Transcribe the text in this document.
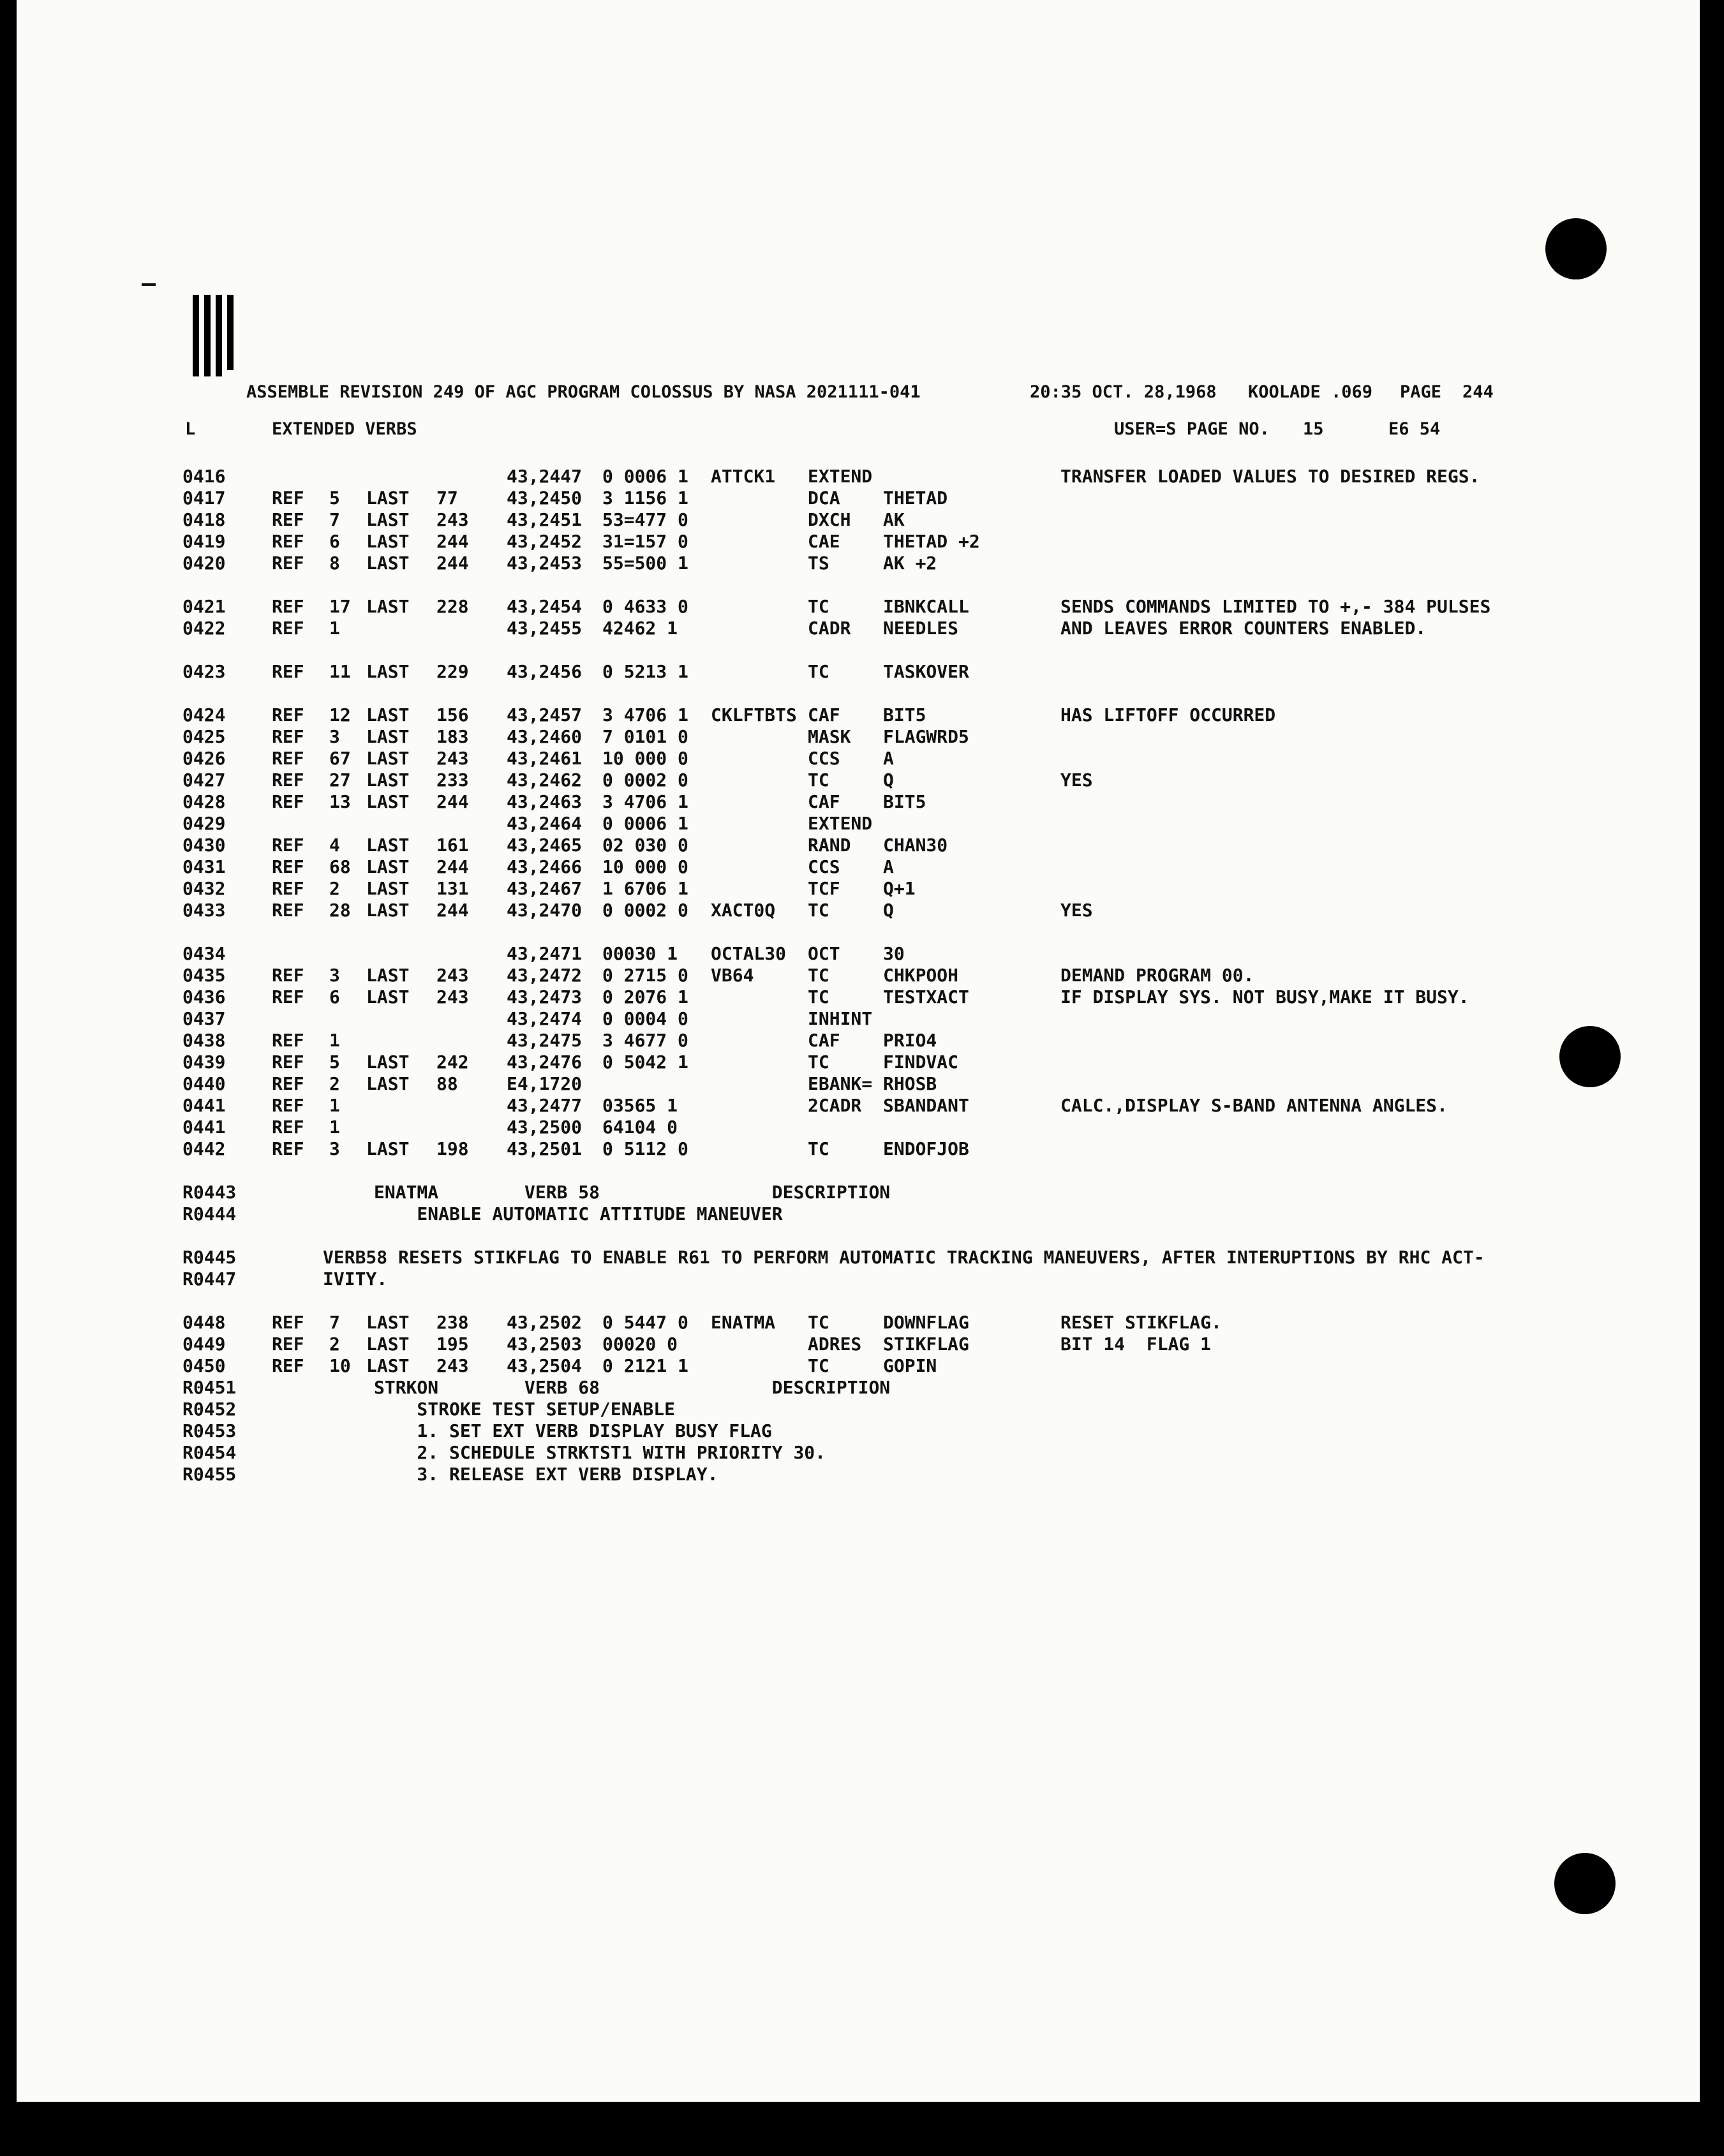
ASSEMBLE REVISION 249 OF AGC PROGRAM COLOSSUS BY NASA 2021111-041	20:35 OCT. 28,1968 KOOLADE .069 PAGE 244
L	EXTENDED VERBS	USER=S PAGE NO. 15	E6 54
0416	43,2447 0 0006 1 ATTCK1 EXTEND	TRANSFER LOADED VALUES TO DESIRED REGS.
0417	REF 5 LAST 77	43,2450 3 1156 1	DCA THETAD
0418	REF 7 LAST 243 43,2451 53=477 0	DXCH AK
0419	REF 6 LAST 244 43,2452 31=157 0	CAE THETAD +2
0420	REF 8 LAST 244 43,2453 55=500 1	TS	AK +2
0421	REF 17 LAST 228 43,2454 0 4633 0	TC	IBNKCALL	SENDS COMMANDS LIMITED TO +,- 384 PULSES
0422	REF 1	43,2455 42462 1	CADR NEEDLES	AND LEAVES ERROR COUNTERS ENABLED.
0423	REF 11 LAST 229 43,2456 0 5213 1	TC	TASKOVER
0424	REF 12 LAST 156 43,2457 3 4706 1 CKLFTBTS CAF BIT5	HAS LIFTOFF OCCURRED
0425	REF 3 LAST 183 43,2460 7 0101 0	MASK FLAGWRD5
0426	REF 67 LAST 243 43,2461 10 000 0	CCS A
0427	REF 27 LAST 233 43,2462 0 0002 0	TC	Q	YES
0428	REF 13 LAST 244 43,2463 3 4706 1	CAF BIT5
0429	43,2464 0 0006 1	EXTEND
0430	REF 4 LAST 161 43,2465 02 030 0	RAND CHAN30
0431	REF 68 LAST 244 43,2466 10 000 0	CCS A
0432	REF 2 LAST 131 43,2467 1 6706 1	TCF Q+1
0433	REF 28 LAST 244 43,2470 0 0002 0 XACT0Q TC	Q	YES
0434	43,2471 00030 1 OCTAL30 OCT 30
0435	REF 3 LAST 243 43,2472 0 2715 0 VB64	TC	CHKPOOH	DEMAND PROGRAM 00.
0436	REF 6 LAST 243 43,2473 0 2076 1	TC	TESTXACT	IF DISPLAY SYS. NOT BUSY,MAKE IT BUSY.
0437	43,2474 0 0004 0	INHINT
0438	REF 1	43,2475 3 4677 0	CAF PRIO4
0439	REF 5 LAST 242 43,2476 0 5042 1	TC	FINDVAC
0440	REF 2 LAST 88	E4,1720	EBANK= RHOSB
0441	REF 1	43,2477 03565 1	2CADR SBANDANT	CALC.,DISPLAY S-BAND ANTENNA ANGLES.
0441	REF 1	43,2500 64104 0
0442	REF 3 LAST 198 43,2501 0 5112 0	TC	ENDOFJOB
R0443	ENATMA        VERB 58                DESCRIPTION
R0444	ENABLE AUTOMATIC ATTITUDE MANEUVER
R0445	VERB58 RESETS STIKFLAG TO ENABLE R61 TO PERFORM AUTOMATIC TRACKING MANEUVERS, AFTER INTERUPTIONS BY RHC ACT-
R0447	IVITY.
0448	REF 7 LAST 238 43,2502 0 5447 0 ENATMA TC	DOWNFLAG	RESET STIKFLAG.
0449	REF 2 LAST 195 43,2503 00020 0	ADRES STIKFLAG	BIT 14  FLAG 1
0450	REF 10 LAST 243 43,2504 0 2121 1	TC	GOPIN
R0451	STRKON        VERB 68                DESCRIPTION
R0452	STROKE TEST SETUP/ENABLE
R0453	1. SET EXT VERB DISPLAY BUSY FLAG
R0454	2. SCHEDULE STRKTST1 WITH PRIORITY 30.
R0455	3. RELEASE EXT VERB DISPLAY.
